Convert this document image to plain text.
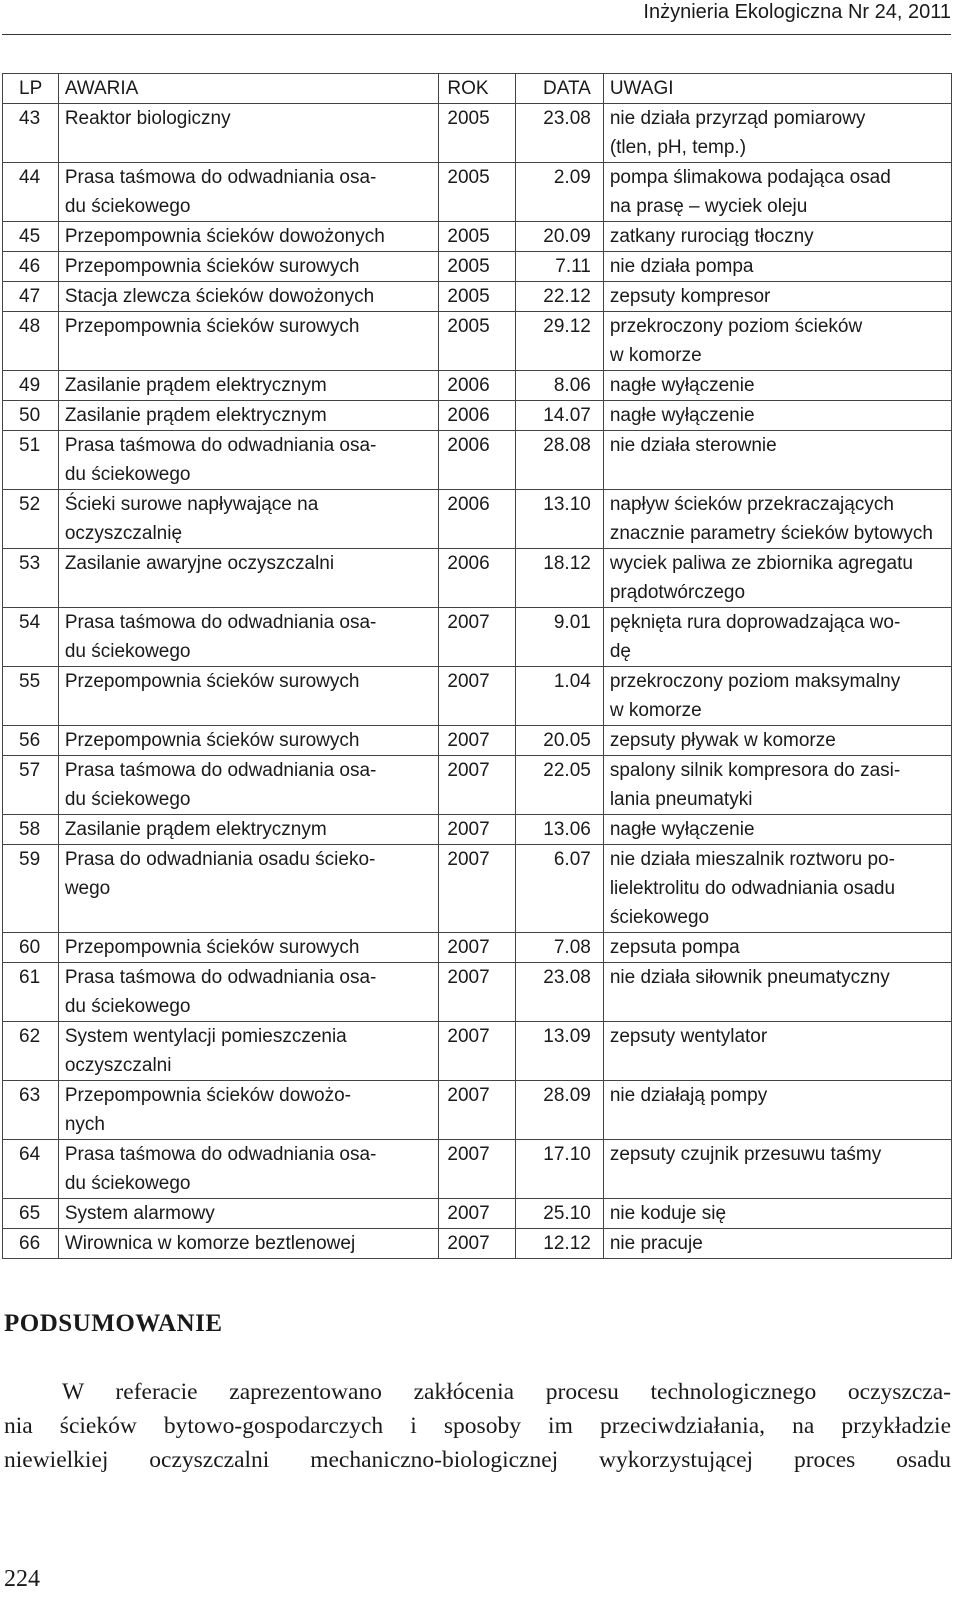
Inżynieria Ekologiczna Nr 24, 2011
LP	AWARIA	ROK	DATA	UWAGI
43	Reaktor biologiczny	2005	23.08	nie działa przyrząd pomiarowy
(tlen, pH, temp.)

44	Prasa taśmowa do odwadniania osa-
du ściekowego	2005	2.09	pompa ślimakowa podająca osad
na prasę – wyciek oleju

45	Przepompownia ścieków dowożonych	2005	20.09	zatkany rurociąg tłoczny

46	Przepompownia ścieków surowych	2005	7.11	nie działa pompa

47	Stacja zlewcza ścieków dowożonych	2005	22.12	zepsuty kompresor

48	Przepompownia ścieków surowych	2005	29.12	przekroczony poziom ścieków
w komorze

49	Zasilanie prądem elektrycznym	2006	8.06	nagłe wyłączenie

50	Zasilanie prądem elektrycznym	2006	14.07	nagłe wyłączenie

51	Prasa taśmowa do odwadniania osa-
du ściekowego	2006	28.08	nie działa sterownie

52	Ścieki surowe napływające na
oczyszczalnię	2006	13.10	napływ ścieków przekraczających
znacznie parametry ścieków bytowych

53	Zasilanie awaryjne oczyszczalni	2006	18.12	wyciek paliwa ze zbiornika agregatu
prądotwórczego

54	Prasa taśmowa do odwadniania osa-
du ściekowego	2007	9.01	pęknięta rura doprowadzająca wo-
dę

55	Przepompownia ścieków surowych	2007	1.04	przekroczony poziom maksymalny
w komorze

56	Przepompownia ścieków surowych	2007	20.05	zepsuty pływak w komorze

57	Prasa taśmowa do odwadniania osa-
du ściekowego	2007	22.05	spalony silnik kompresora do zasi-
lania pneumatyki

58	Zasilanie prądem elektrycznym	2007	13.06	nagłe wyłączenie

59	Prasa do odwadniania osadu ścieko-
wego	2007	6.07	nie działa mieszalnik roztworu po-
lielektrolitu do odwadniania osadu
ściekowego

60	Przepompownia ścieków surowych	2007	7.08	zepsuta pompa

61	Prasa taśmowa do odwadniania osa-
du ściekowego	2007	23.08	nie działa siłownik pneumatyczny

62	System wentylacji pomieszczenia
oczyszczalni	2007	13.09	zepsuty wentylator

63	Przepompownia ścieków dowożo-
nych	2007	28.09	nie działają pompy

64	Prasa taśmowa do odwadniania osa-
du ściekowego	2007	17.10	zepsuty czujnik przesuwu taśmy

65	System alarmowy	2007	25.10	nie koduje się

66	Wirownica w komorze beztlenowej	2007	12.12	nie pracuje
PODSUMOWANIE
W referacie zaprezentowano zakłócenia procesu technologicznego oczyszcza-
nia ścieków bytowo-gospodarczych i sposoby im przeciwdziałania, na przykładzie
niewielkiej oczyszczalni mechaniczno-biologicznej wykorzystującej proces osadu
224
